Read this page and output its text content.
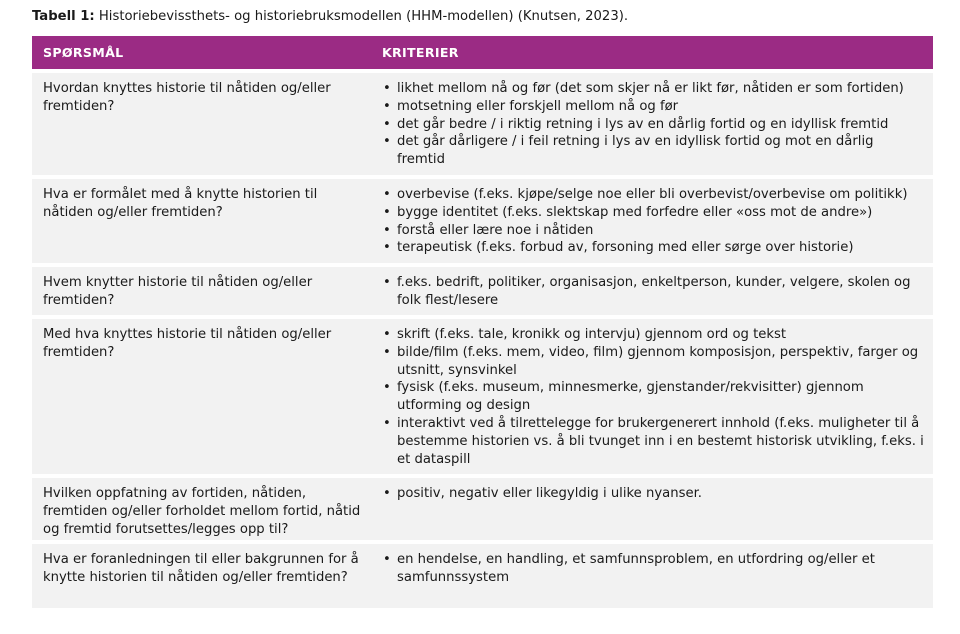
Tabell 1: Historiebevissthets- og historiebruksmodellen (HHM-modellen) (Knutsen, 2023).
SPØRSMÅL	KRITERIER
Hvordan knyttes historie til nåtiden og/eller fremtiden?
• likhet mellom nå og før (det som skjer nå er likt før, nåtiden er som fortiden)
• motsetning eller forskjell mellom nå og før
• det går bedre / i riktig retning i lys av en dårlig fortid og en idyllisk fremtid
• det går dårligere / i feil retning i lys av en idyllisk fortid og mot en dårlig fremtid
Hva er formålet med å knytte historien til nåtiden og/eller fremtiden?
• overbevise (f.eks. kjøpe/selge noe eller bli overbevist/overbevise om politikk)
• bygge identitet (f.eks. slektskap med forfedre eller «oss mot de andre»)
• forstå eller lære noe i nåtiden
• terapeutisk (f.eks. forbud av, forsoning med eller sørge over historie)
Hvem knytter historie til nåtiden og/eller fremtiden?
• f.eks. bedrift, politiker, organisasjon, enkeltperson, kunder, velgere, skolen og folk flest/lesere
Med hva knyttes historie til nåtiden og/eller fremtiden?
• skrift (f.eks. tale, kronikk og intervju) gjennom ord og tekst
• bilde/film (f.eks. mem, video, film) gjennom komposisjon, perspektiv, farger og utsnitt, synsvinkel
• fysisk (f.eks. museum, minnesmerke, gjenstander/rekvisitter) gjennom utforming og design
• interaktivt ved å tilrettelegge for brukergenerert innhold (f.eks. muligheter til å bestemme historien vs. å bli tvunget inn i en bestemt historisk utvikling, f.eks. i et dataspill
Hvilken oppfatning av fortiden, nåtiden, fremtiden og/eller forholdet mellom fortid, nåtid og fremtid forutsettes/legges opp til?
• positiv, negativ eller likegyldig i ulike nyanser.
Hva er foranledningen til eller bakgrunnen for å knytte historien til nåtiden og/eller fremtiden?
• en hendelse, en handling, et samfunnsproblem, en utfordring og/eller et samfunnssystem
